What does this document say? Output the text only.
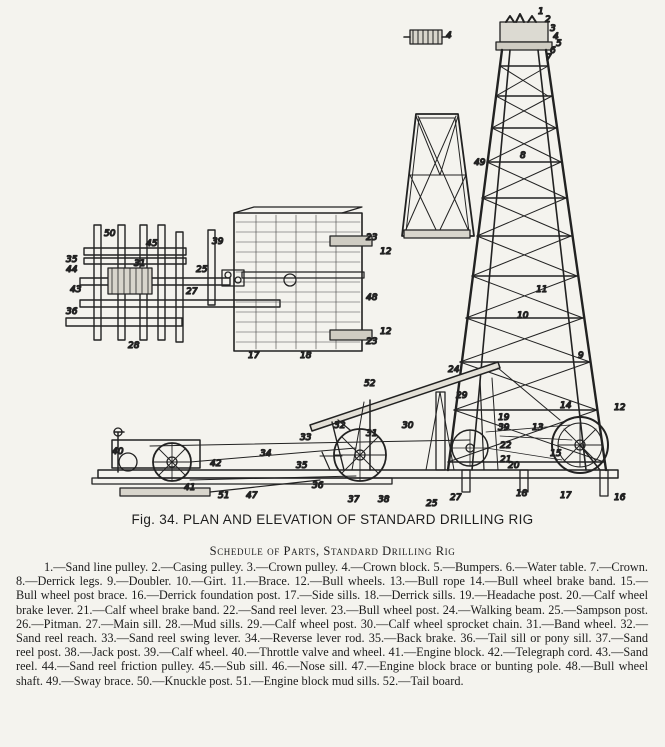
1
2
3
4
5
6
7
8
10
11
9
4
49
50
35
44
45
31
43
36
28
39
25
27
48
23
12
23
12
17	18
52
24
29
19
39
22
21
20
33
32
34
35
30
31
40
41
42
36
51 47	37 38	25
27	18	17	16
15
14
13
12
Fig. 34. PLAN AND ELEVATION OF STANDARD DRILLING RIG
Schedule of Parts, Standard Drilling Rig
1.—Sand line pulley. 2.—Casing pulley. 3.—Crown pulley. 4.—Crown block. 5.—Bumpers. 6.—Water table. 7.—Crown. 8.—Derrick legs. 9.—Doubler. 10.—Girt. 11.—Brace. 12.—Bull wheels. 13.—Bull rope 14.—Bull wheel brake band. 15.—Bull wheel post brace. 16.—Derrick foundation post. 17.—Side sills. 18.—Derrick sills. 19.—Headache post. 20.—Calf wheel brake lever. 21.—Calf wheel brake band. 22.—Sand reel lever. 23.—Bull wheel post. 24.—Walking beam. 25.—Sampson post. 26.—Pitman. 27.—Main sill. 28.—Mud sills. 29.—Calf wheel post. 30.—Calf wheel sprocket chain. 31.—Band wheel. 32.—Sand reel reach. 33.—Sand reel swing lever. 34.—Reverse lever rod. 35.—Back brake. 36.—Tail sill or pony sill. 37.—Sand reel post. 38.—Jack post. 39.—Calf wheel. 40.—Throttle valve and wheel. 41.—Engine block. 42.—Telegraph cord. 43.—Sand reel. 44.—Sand reel friction pulley. 45.—Sub sill. 46.—Nose sill. 47.—Engine block brace or bunting pole. 48.—Bull wheel shaft. 49.—Sway brace. 50.—Knuckle post. 51.—Engine block mud sills. 52.—Tail board.
